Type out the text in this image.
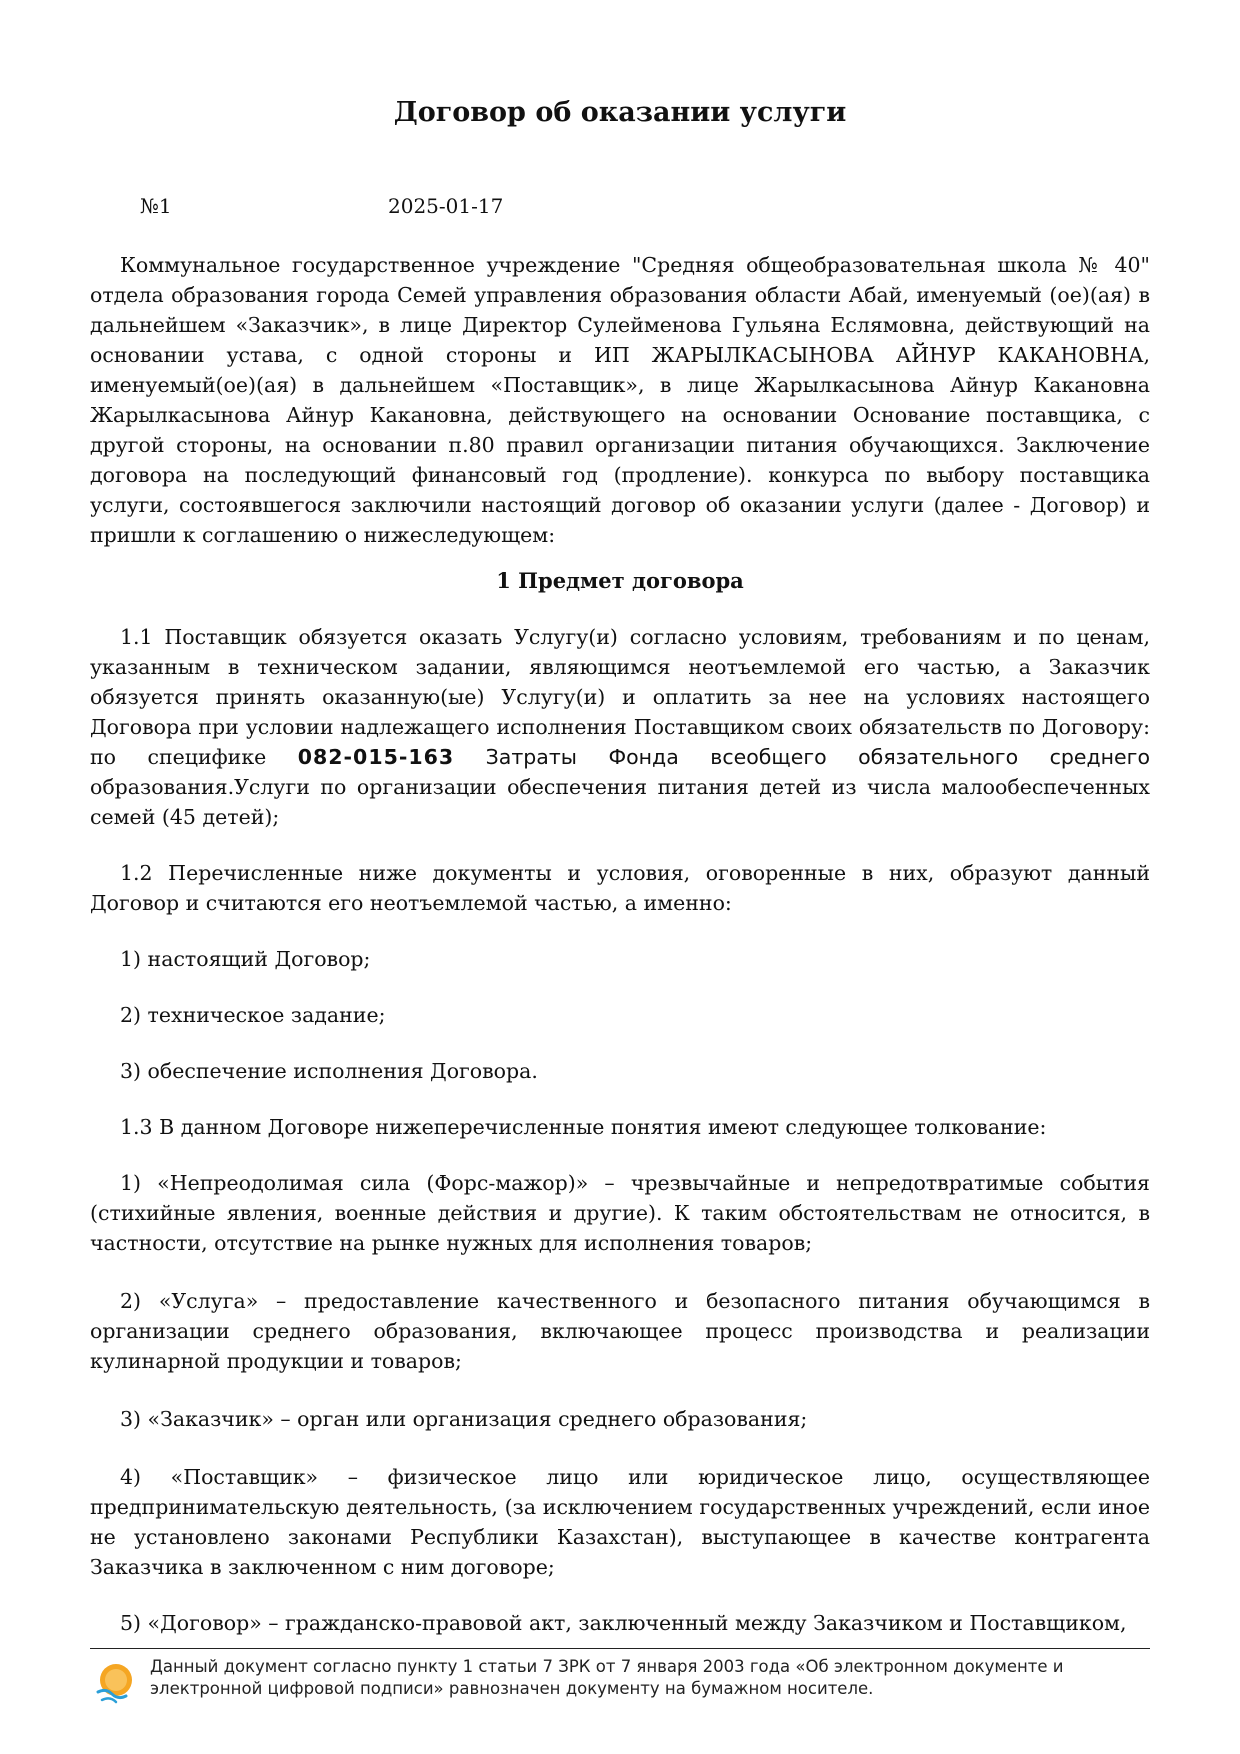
Договор об оказании услуги
№1	2025-01-17

Коммунальное государственное учреждение "Средняя общеобразовательная школа № 40" отдела образования города Семей управления образования области Абай, именуемый (ое)(ая) в дальнейшем «Заказчик», в лице Директор Сулейменова Гульяна Еслямовна, действующий на основании устава, с одной стороны и ИП ЖАРЫЛКАСЫНОВА АЙНУР КАКАНОВНА, именуемый(ое)(ая) в дальнейшем «Поставщик», в лице Жарылкасынова Айнур Какановна Жарылкасынова Айнур Какановна, действующего на основании Основание поставщика, с другой стороны, на основании п.80 правил организации питания обучающихся. Заключение договора на последующий финансовый год (продление). конкурса по выбору поставщика услуги, состоявшегося заключили настоящий договор об оказании услуги (далее - Договор) и пришли к соглашению о нижеследующем:

1 Предмет договора

1.1 Поставщик обязуется оказать Услугу(и) согласно условиям, требованиям и по ценам, указанным в техническом задании, являющимся неотъемлемой его частью, а Заказчик обязуется принять оказанную(ые) Услугу(и) и оплатить за нее на условиях настоящего Договора при условии надлежащего исполнения Поставщиком своих обязательств по Договору: по специфике 082-015-163 Затраты Фонда всеобщего обязательного среднего образования.Услуги по организации обеспечения питания детей из числа малообеспеченных семей (45 детей);

1.2 Перечисленные ниже документы и условия, оговоренные в них, образуют данный Договор и считаются его неотъемлемой частью, а именно:

1) настоящий Договор;

2) техническое задание;

3) обеспечение исполнения Договора.

1.3 В данном Договоре нижеперечисленные понятия имеют следующее толкование:

1) «Непреодолимая сила (Форс-мажор)» – чрезвычайные и непредотвратимые события (стихийные явления, военные действия и другие). К таким обстоятельствам не относится, в частности, отсутствие на рынке нужных для исполнения товаров;

2) «Услуга» – предоставление качественного и безопасного питания обучающимся в организации среднего образования, включающее процесс производства и реализации кулинарной продукции и товаров;

3) «Заказчик» – орган или организация среднего образования;

4) «Поставщик» – физическое лицо или юридическое лицо, осуществляющее предпринимательскую деятельность, (за исключением государственных учреждений, если иное не установлено законами Республики Казахстан), выступающее в качестве контрагента Заказчика в заключенном с ним договоре;

5) «Договор» – гражданско-правовой акт, заключенный между Заказчиком и Поставщиком,

Данный документ согласно пункту 1 статьи 7 ЗРК от 7 января 2003 года «Об электронном документе и электронной цифровой подписи» равнозначен документу на бумажном носителе.
